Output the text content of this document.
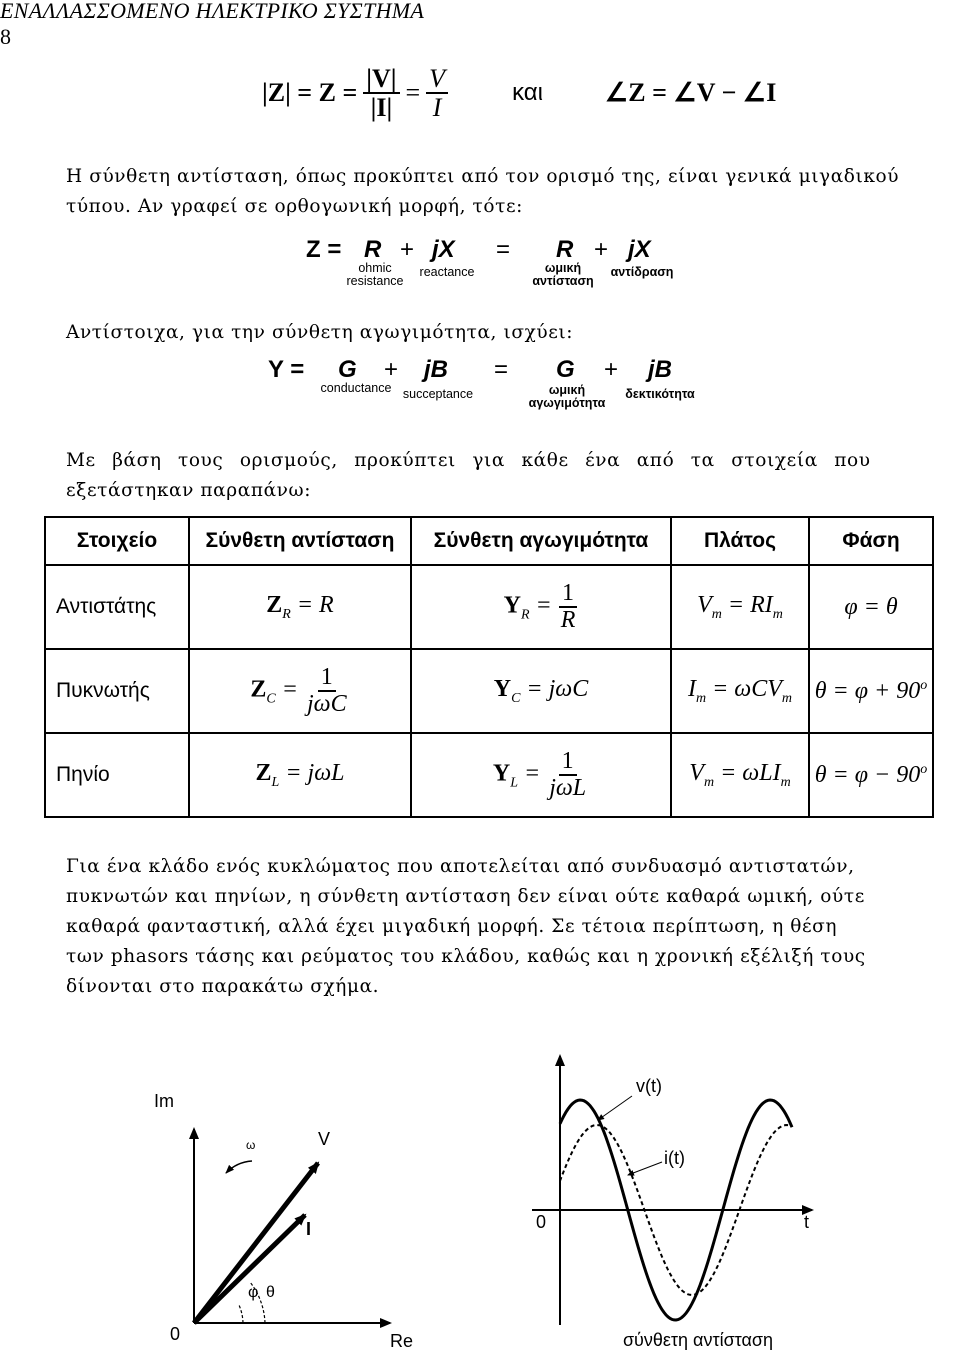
ΕΝΑΛΛΑΣΣΟΜΕΝΟ ΗΛΕΚΤΡΙΚΟ ΣΥΣΤΗΜΑ
8
$|Z| = Z = \frac{|V|}{|I|} = \frac{V}{I}$	και ∠Z = ∠V − ∠I
Η σύνθετη αντίσταση, όπως προκύπτει από τον ορισμό της, είναι γενικά μιγαδικού
τύπου. Αν γραφεί σε ορθογωνική μορφή, τότε:
Z = R + jX = R + jX
ohmic
resistance
reactance	ωμική
αντίσταση
αντίδραση
Αντίστοιχα, για την σύνθετη αγωγιμότητα, ισχύει:
Y = G + jB = G + jB
conductance succeptance	ωμική
αγωγιμότητα
δεκτικότητα
Με βάση τους ορισμούς, προκύπτει για κάθε ένα από τα στοιχεία που
εξετάστηκαν παραπάνω:
Στοιχείο	Σύνθετη αντίσταση	Σύνθετη αγωγιμότητα	Πλάτος	Φάση
Αντιστάτης	$Z_R = R$	$Y_R = \frac{1}{R}$	$V_m = RI_m$	φ = θ
Πυκνωτής	$Z_C = \frac{1}{\text{jωC}}$	$Y_C = j\omega C$	$I_m = \omega CV_m$	$\theta = \varphi + 90^o$
Πηνίο	$Z_L = j\omega L$	$Y_L = \frac{1}{\text{jωL}}$	$V_m = \omega LI_m$	$\theta = \varphi - 90^o$
Για ένα κλάδο ενός κυκλώματος που αποτελείται από συνδυασμό αντιστατών,
πυκνωτών και πηνίων, η σύνθετη αντίσταση δεν είναι ούτε καθαρά ωμική, ούτε
καθαρά φανταστική, αλλά έχει μιγαδική μορφή. Σε τέτοια περίπτωση, η θέση
των phasors τάσης και ρεύματος του κλάδου, καθώς και η χρονική εξέλιξή τους
δίνονται στο παρακάτω σχήμα.
Im
Re
0
ω	V
I
φ θ
v(t)
i(t)
0	t
σύνθετη αντίσταση
